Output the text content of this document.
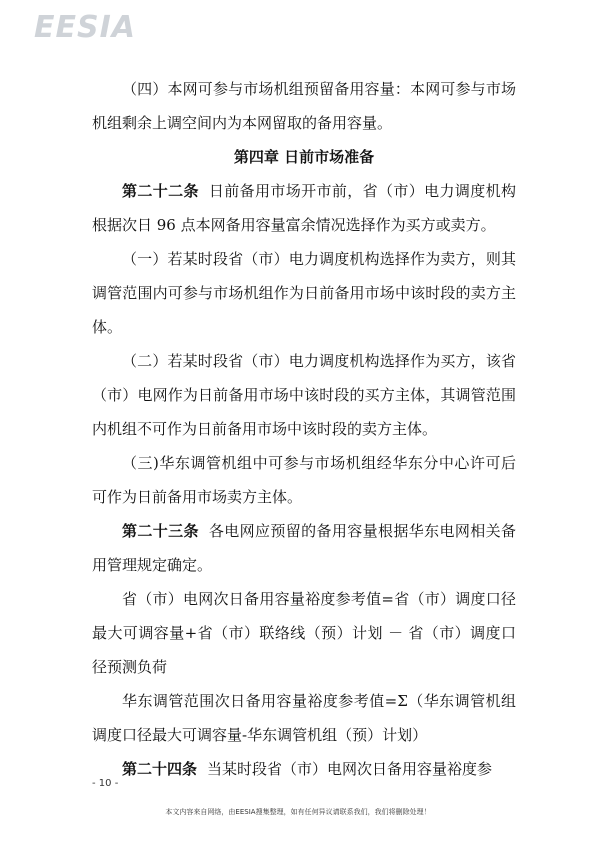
EESIA

（四）本网可参与市场机组预留备用容量：本网可参与市场机组剩余上调空间内为本网留取的备用容量。

第四章 日前市场准备

第二十二条 日前备用市场开市前，省（市）电力调度机构根据次日 96 点本网备用容量富余情况选择作为买方或卖方。

（一）若某时段省（市）电力调度机构选择作为卖方，则其调管范围内可参与市场机组作为日前备用市场中该时段的卖方主体。

（二）若某时段省（市）电力调度机构选择作为买方，该省（市）电网作为日前备用市场中该时段的买方主体，其调管范围内机组不可作为日前备用市场中该时段的卖方主体。

（三)华东调管机组中可参与市场机组经华东分中心许可后可作为日前备用市场卖方主体。

第二十三条 各电网应预留的备用容量根据华东电网相关备用管理规定确定。

省（市）电网次日备用容量裕度参考值=省（市）调度口径最大可调容量+省（市）联络线（预）计划 － 省（市）调度口径预测负荷

华东调管范围次日备用容量裕度参考值=Σ（华东调管机组调度口径最大可调容量-华东调管机组（预）计划）

第二十四条 当某时段省（市）电网次日备用容量裕度参

- 10 -
本文内容来自网络，由EESIA搜集整理，如有任何异议请联系我们，我们将删除处理！
